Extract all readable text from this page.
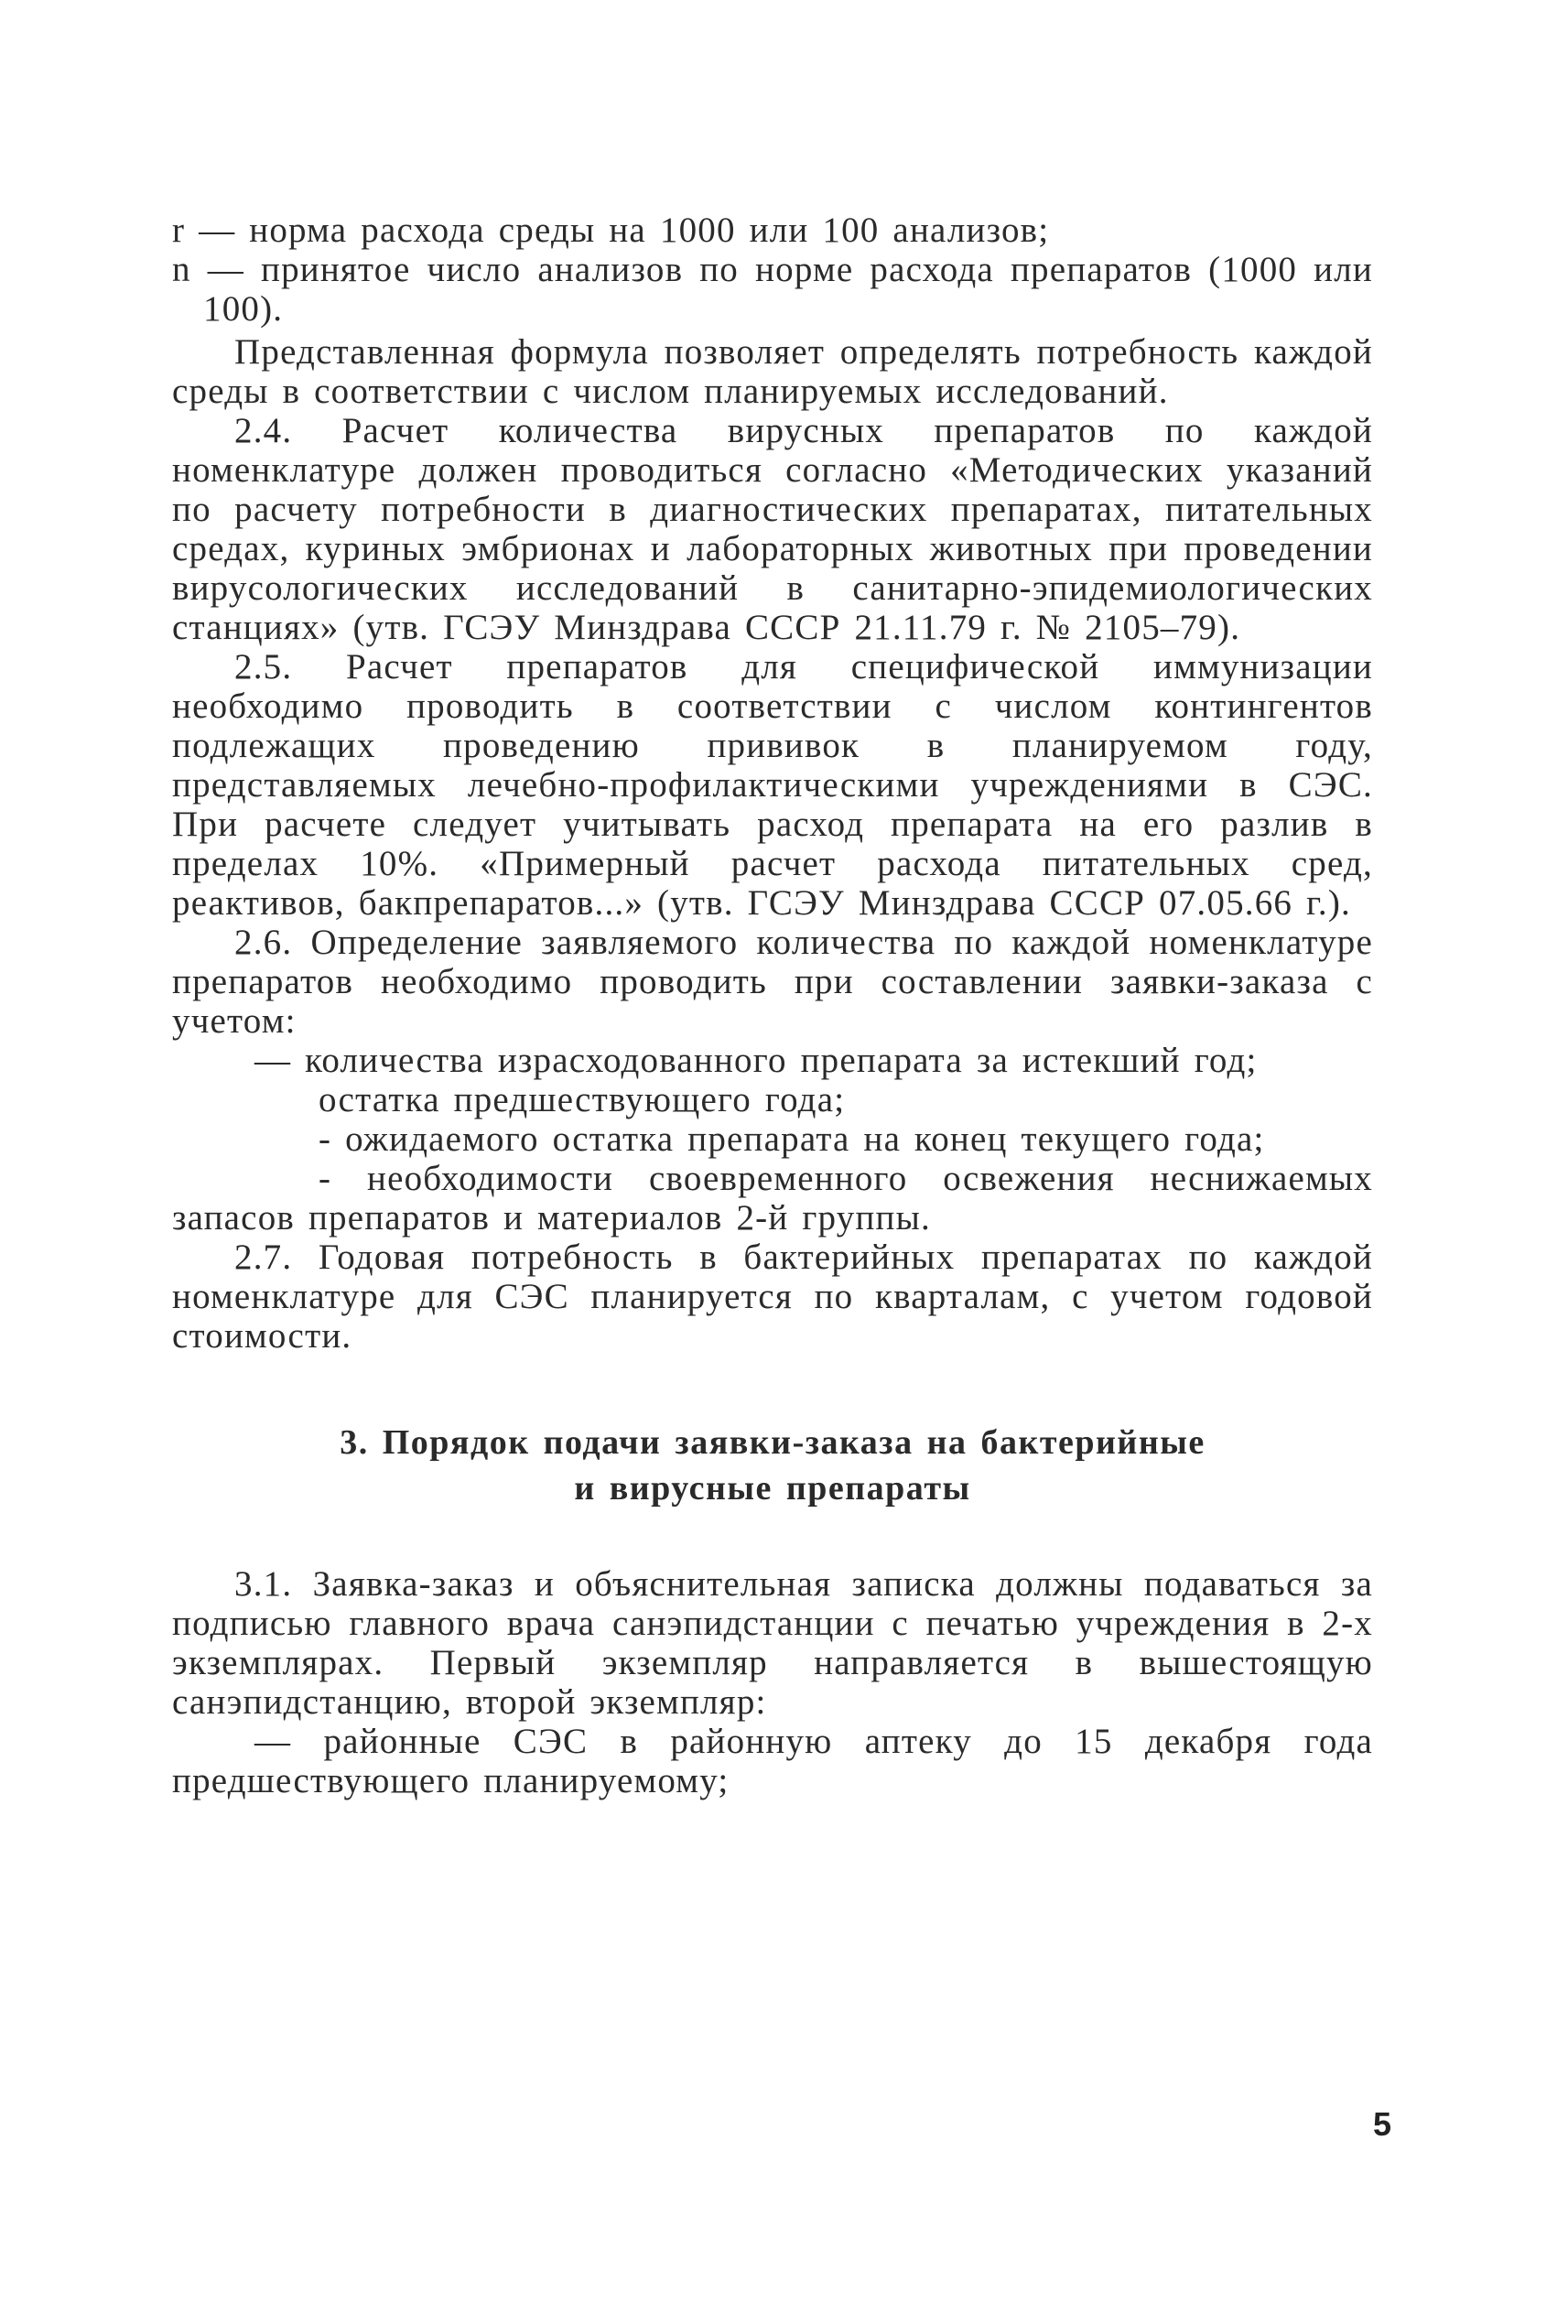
r — норма расхода среды на 1000 или 100 анализов;

n — принятое число анализов по норме расхода препаратов (1000 или 100).

Представленная формула позволяет определять потребность каждой среды в соответствии с числом планируемых исследований.

2.4. Расчет количества вирусных препаратов по каждой номенклатуре должен проводиться согласно «Методических указаний по расчету потребности в диагностических препаратах, питательных средах, куриных эмбрионах и лабораторных животных при проведении вирусологических исследований в санитарно-эпидемиологических станциях» (утв. ГСЭУ Минздрава СССР 21.11.79 г. № 2105–79).

2.5. Расчет препаратов для специфической иммунизации необходимо проводить в соответствии с числом контингентов подлежащих проведению прививок в планируемом году, представляемых лечебно-профилактическими учреждениями в СЭС. При расчете следует учитывать расход препарата на его разлив в пределах 10%. «Примерный расчет расхода питательных сред, реактивов, бакпрепаратов...» (утв. ГСЭУ Минздрава СССР 07.05.66 г.).

2.6. Определение заявляемого количества по каждой номенклатуре препаратов необходимо проводить при составлении заявки-заказа с учетом:

— количества израсходованного препарата за истекший год;

остатка предшествующего года;

- ожидаемого остатка препарата на конец текущего года;

- необходимости своевременного освежения неснижаемых запасов препаратов и материалов 2-й группы.

2.7. Годовая потребность в бактерийных препаратах по каждой номенклатуре для СЭС планируется по кварталам, с учетом годовой стоимости.

3. Порядок подачи заявки-заказа на бактерийные
и вирусные препараты

3.1. Заявка-заказ и объяснительная записка должны подаваться за подписью главного врача санэпидстанции с печатью учреждения в 2-х экземплярах. Первый экземпляр направляется в вышестоящую санэпидстанцию, второй экземпляр:

— районные СЭС в районную аптеку до 15 декабря года предшествующего планируемому;

5
